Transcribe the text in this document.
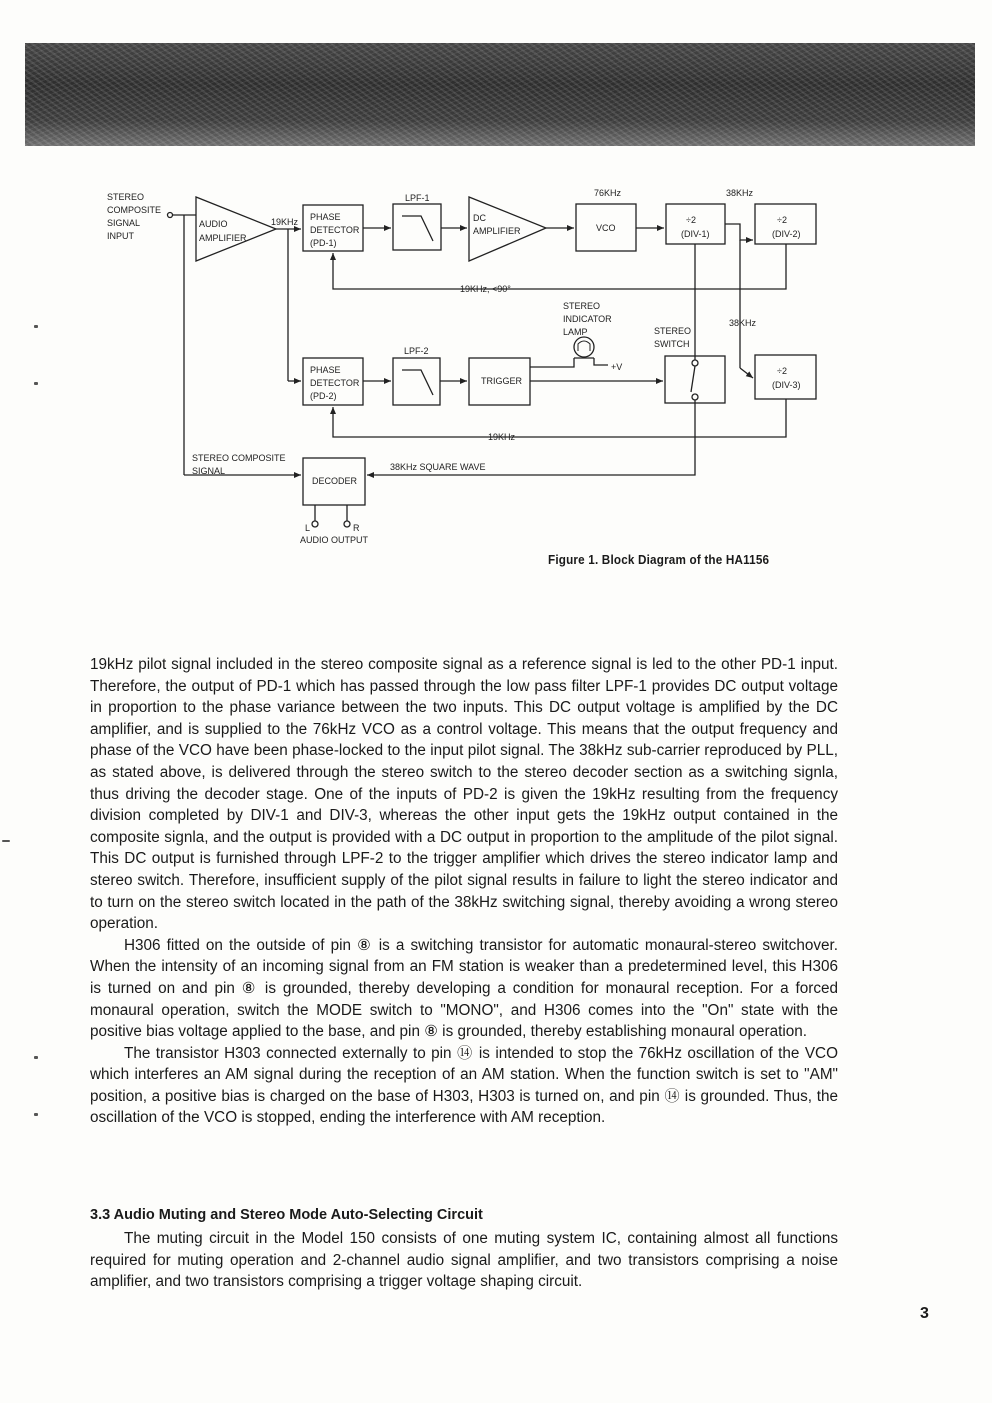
STEREO
COMPOSITE
SIGNAL
INPUT
AUDIO
AMPLIFIER
19KHz PHASE
DETECTOR
(PD-1)
LPF-1
DC
AMPLIFIER
76KHz
VCO
÷2
(DIV-1)
38KHz
÷2
(DIV-2)
19KHz, <90°
38KHz
STEREO
INDICATOR
LAMP
+V
STEREO
SWITCH
PHASE
DETECTOR
(PD-2)
LPF-2
TRIGGER
÷2
(DIV-3)
19KHz
STEREO COMPOSITE
SIGNAL	38KHz SQUARE WAVE
DECODER
L	R
AUDIO OUTPUT
Figure 1. Block Diagram of the HA1156

19kHz pilot signal included in the stereo composite signal as a reference signal is led to the other PD-1 input. Therefore, the output of PD-1 which has passed through the low pass filter LPF-1 provides DC output voltage in proportion to the phase variance between the two inputs. This DC output voltage is amplified by the DC amplifier, and is supplied to the 76kHz VCO as a control voltage. This means that the output frequency and phase of the VCO have been phase-locked to the input pilot signal. The 38kHz sub-carrier reproduced by PLL, as stated above, is delivered through the stereo switch to the stereo decoder section as a switching signla, thus driving the decoder stage. One of the inputs of PD-2 is given the 19kHz resulting from the frequency division completed by DIV-1 and DIV-3, whereas the other input gets the 19kHz output contained in the composite signla, and the output is provided with a DC output in proportion to the amplitude of the pilot signal. This DC output is furnished through LPF-2 to the trigger amplifier which drives the stereo indicator lamp and stereo switch. Therefore, insufficient supply of the pilot signal results in failure to light the stereo indicator and to turn on the stereo switch located in the path of the 38kHz switching signal, thereby avoiding a wrong stereo operation.

H306 fitted on the outside of pin ⑧ is a switching transistor for automatic monaural-stereo switchover. When the intensity of an incoming signal from an FM station is weaker than a predetermined level, this H306 is turned on and pin ⑧ is grounded, thereby developing a condition for monaural reception. For a forced monaural operation, switch the MODE switch to "MONO", and H306 comes into the "On" state with the positive bias voltage applied to the base, and pin ⑧ is grounded, thereby establishing monaural operation.

The transistor H303 connected externally to pin ⑭ is intended to stop the 76kHz oscillation of the VCO which interferes an AM signal during the reception of an AM station. When the function switch is set to "AM" position, a positive bias is charged on the base of H303, H303 is turned on, and pin ⑭ is grounded. Thus, the oscillation of the VCO is stopped, ending the interference with AM reception.

3.3 Audio Muting and Stereo Mode Auto-Selecting Circuit
The muting circuit in the Model 150 consists of one muting system IC, containing almost all functions required for muting operation and 2-channel audio signal amplifier, and two transistors comprising a noise amplifier, and two transistors comprising a trigger voltage shaping circuit.
3
